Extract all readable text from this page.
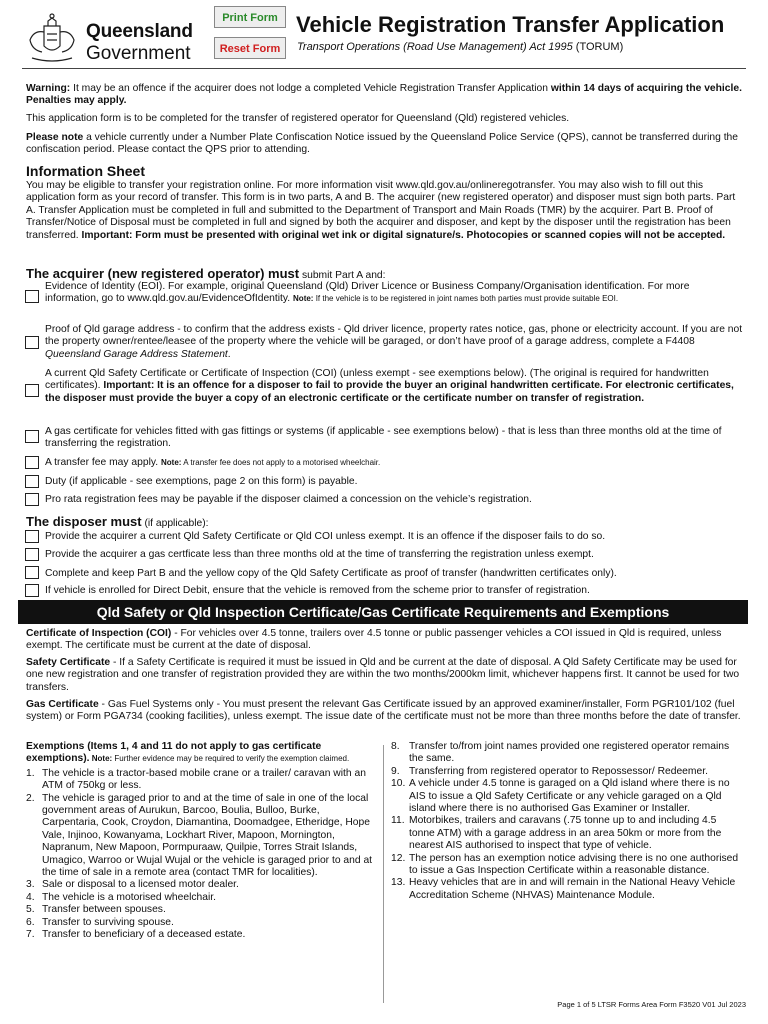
Queensland
Government
Print Form
Reset Form
Vehicle Registration Transfer Application
Transport Operations (Road Use Management) Act 1995 (TORUM)

Warning: It may be an offence if the acquirer does not lodge a completed Vehicle Registration Transfer Application within 14 days of acquiring the vehicle. Penalties may apply.

This application form is to be completed for the transfer of registered operator for Queensland (Qld) registered vehicles.

Please note a vehicle currently under a Number Plate Confiscation Notice issued by the Queensland Police Service (QPS), cannot be transferred during the confiscation period. Please contact the QPS prior to attending.

Information Sheet

You may be eligible to transfer your registration online. For more information visit www.qld.gov.au/onlineregotransfer. You may also wish to fill out this application form as your record of transfer. This form is in two parts, A and B. The acquirer (new registered operator) and disposer must sign both parts. Part A. Transfer Application must be completed in full and submitted to the Department of Transport and Main Roads (TMR) by the acquirer. Part B. Proof of Transfer/Notice of Disposal must be completed in full and signed by both the acquirer and disposer, and kept by the disposer until the registration has been transferred. Important: Form must be presented with original wet ink or digital signature/s. Photocopies or scanned copies will not be accepted.

The acquirer (new registered operator) must submit Part A and:

Evidence of Identity (EOI). For example, original Queensland (Qld) Driver Licence or Business Company/Organisation identification. For more information, go to www.qld.gov.au/EvidenceOfIdentity. Note: If the vehicle is to be registered in joint names both parties must provide suitable EOI.

Proof of Qld garage address - to confirm that the address exists - Qld driver licence, property rates notice, gas, phone or electricity account. If you are not the property owner/rentee/leasee of the property where the vehicle will be garaged, or don’t have proof of a garage address, complete a F4408 Queensland Garage Address Statement.

A current Qld Safety Certificate or Certificate of Inspection (COI) (unless exempt - see exemptions below). (The original is required for handwritten certificates). Important: It is an offence for a disposer to fail to provide the buyer an original handwritten certificate. For electronic certificates, the disposer must provide the buyer a copy of an electronic certificate or the certificate number on transfer of registration.

A gas certificate for vehicles fitted with gas fittings or systems (if applicable - see exemptions below) - that is less than three months old at the time of transferring the registration.

A transfer fee may apply. Note: A transfer fee does not apply to a motorised wheelchair.

Duty (if applicable - see exemptions, page 2 on this form) is payable.

Pro rata registration fees may be payable if the disposer claimed a concession on the vehicle’s registration.

The disposer must (if applicable):

Provide the acquirer a current Qld Safety Certificate or Qld COI unless exempt. It is an offence if the disposer fails to do so.

Provide the acquirer a gas certficate less than three months old at the time of transferring the registration unless exempt.

Complete and keep Part B and the yellow copy of the Qld Safety Certificate as proof of transfer (handwritten certificates only).

If vehicle is enrolled for Direct Debit, ensure that the vehicle is removed from the scheme prior to transfer of registration.

Qld Safety or Qld Inspection Certificate/Gas Certificate Requirements and Exemptions

Certificate of Inspection (COI) - For vehicles over 4.5 tonne, trailers over 4.5 tonne or public passenger vehicles a COI issued in Qld is required, unless exempt. The certificate must be current at the date of disposal.

Safety Certificate - If a Safety Certificate is required it must be issued in Qld and be current at the date of disposal. A Qld Safety Certificate may be used for one new registration and one transfer of registration provided they are within the two months/2000km limit, whichever happens first. It cannot be used for two transfers.

Gas Certificate - Gas Fuel Systems only - You must present the relevant Gas Certificate issued by an approved examiner/installer, Form PGR101/102 (fuel system) or Form PGA734 (cooking facilities), unless exempt. The issue date of the certificate must not be more than three months before the date of transfer.

Exemptions (Items 1, 4 and 11 do not apply to gas certificate exemptions). Note: Further evidence may be required to verify the exemption claimed.

1. The vehicle is a tractor-based mobile crane or a trailer/ caravan with an ATM of 750kg or less.
2. The vehicle is garaged prior to and at the time of sale in one of the local government areas of Aurukun, Barcoo, Boulia, Bulloo, Burke, Carpentaria, Cook, Croydon, Diamantina, Doomadgee, Etheridge, Hope Vale, Injinoo, Kowanyama, Lockhart River, Mapoon, Mornington, Napranum, New Mapoon, Pormpuraaw, Quilpie, Torres Strait Islands, Umagico, Warroo or Wujal Wujal or the vehicle is garaged prior to and at the time of sale in a remote area (contact TMR for localities).
3. Sale or disposal to a licensed motor dealer.
4. The vehicle is a motorised wheelchair.
5. Transfer between spouses.
6. Transfer to surviving spouse.
7. Transfer to beneficiary of a deceased estate.
8. Transfer to/from joint names provided one registered operator remains the same.
9. Transferring from registered operator to Repossessor/ Redeemer.
10. A vehicle under 4.5 tonne is garaged on a Qld island where there is no AIS to issue a Qld Safety Certificate or any vehicle garaged on a Qld island where there is no authorised Gas Examiner or Installer.
11. Motorbikes, trailers and caravans (.75 tonne up to and including 4.5 tonne ATM) with a garage address in an area 50km or more from the nearest AIS authorised to inspect that type of vehicle.
12. The person has an exemption notice advising there is no one authorised to issue a Gas Inspection Certificate within a reasonable distance.
13. Heavy vehicles that are in and will remain in the National Heavy Vehicle Accreditation Scheme (NHVAS) Maintenance Module.
Page 1 of 5 LTSR Forms Area Form F3520 V01 Jul 2023
